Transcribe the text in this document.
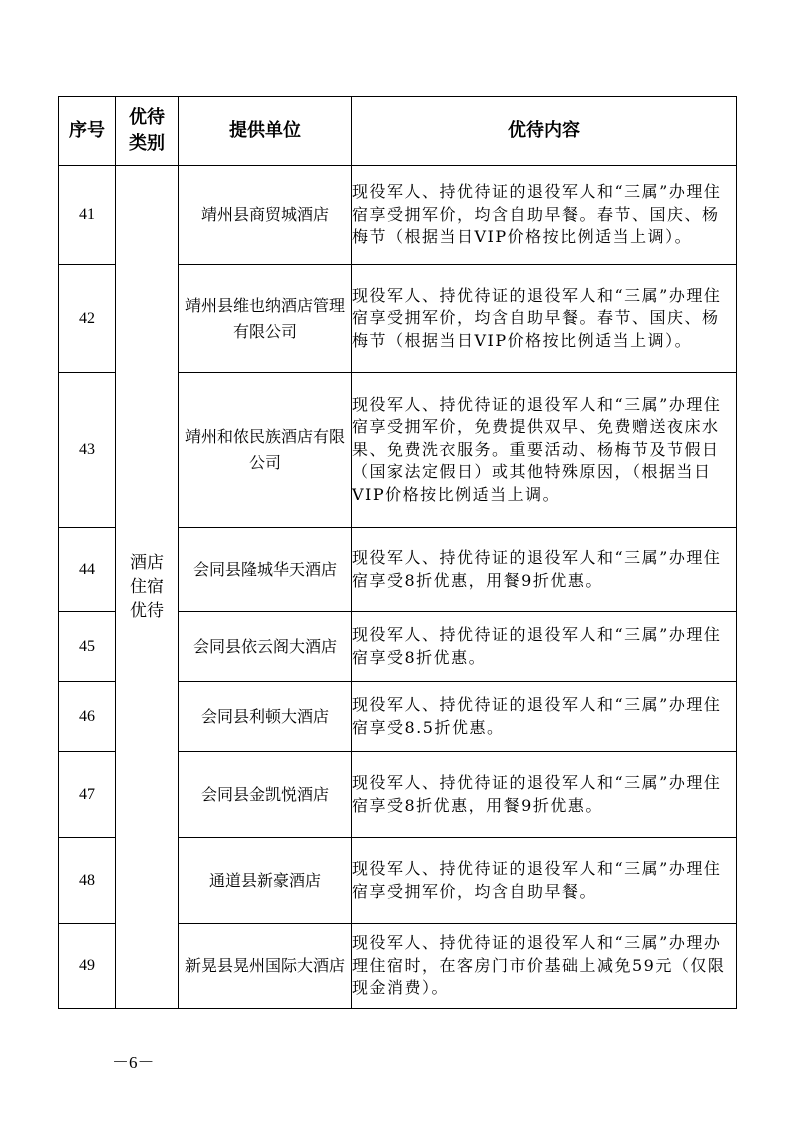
序号	优待类别	提供单位	优待内容
41	酒店住宿优待	靖州县商贸城酒店	现役军人、持优待证的退役军人和“三属”办理住宿享受拥军价，均含自助早餐。春节、国庆、杨梅节（根据当日VIP价格按比例适当上调）。
42		靖州县维也纳酒店管理有限公司	现役军人、持优待证的退役军人和“三属”办理住宿享受拥军价，均含自助早餐。春节、国庆、杨梅节（根据当日VIP价格按比例适当上调）。
43		靖州和侬民族酒店有限公司	现役军人、持优待证的退役军人和“三属”办理住宿享受拥军价，免费提供双早、免费赠送夜床水果、免费洗衣服务。重要活动、杨梅节及节假日（国家法定假日）或其他特殊原因，（根据当日VIP价格按比例适当上调。
44		会同县隆城华天酒店	现役军人、持优待证的退役军人和“三属”办理住宿享受8折优惠，用餐9折优惠。
45		会同县依云阁大酒店	现役军人、持优待证的退役军人和“三属”办理住宿享受8折优惠。
46		会同县利顿大酒店	现役军人、持优待证的退役军人和“三属”办理住宿享受8.5折优惠。
47		会同县金凯悦酒店	现役军人、持优待证的退役军人和“三属”办理住宿享受8折优惠，用餐9折优惠。
48		通道县新豪酒店	现役军人、持优待证的退役军人和“三属”办理住宿享受拥军价，均含自助早餐。
49		新晃县晃州国际大酒店	现役军人、持优待证的退役军人和“三属”办理办理住宿时，在客房门市价基础上减免59元（仅限现金消费）。
－6－
